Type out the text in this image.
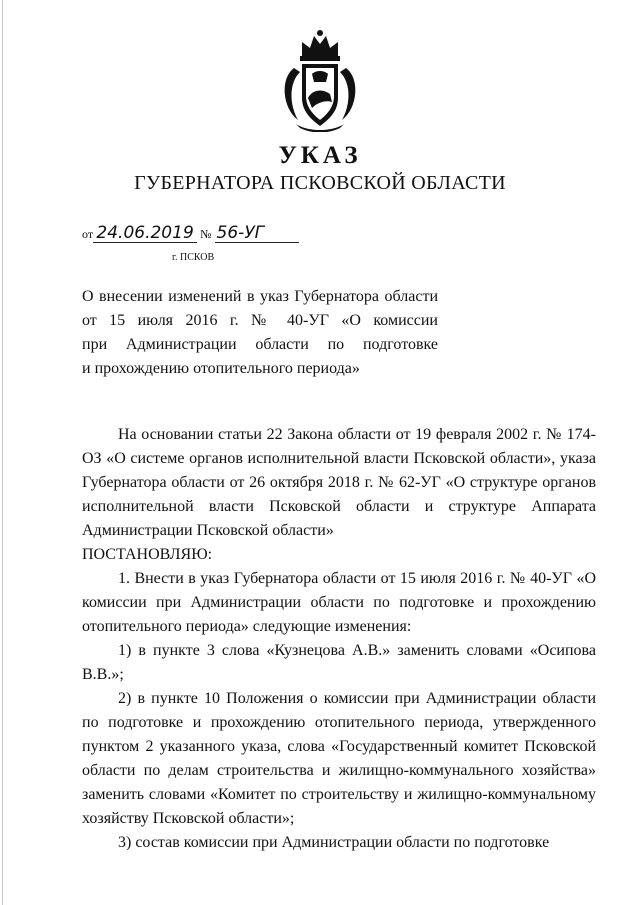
УКАЗ
ГУБЕРНАТОРА ПСКОВСКОЙ ОБЛАСТИ
от 24.06.2019 № 56-УГ
г. ПСКОВ

О внесении изменений в указ Губернатора области

от 15 июля 2016 г. № 40-УГ «О комиссии

при Администрации области по подготовке

и прохождению отопительного периода»

На основании статьи 22 Закона области от 19 февраля 2002 г. № 174-ОЗ «О системе органов исполнительной власти Псковской области», указа Губернатора области от 26 октября 2018 г. № 62-УГ «О структуре органов исполнительной власти Псковской области и структуре Аппарата Администрации Псковской области»

ПОСТАНОВЛЯЮ:

1. Внести в указ Губернатора области от 15 июля 2016 г. № 40-УГ «О комиссии при Администрации области по подготовке и прохождению отопительного периода» следующие изменения:

1) в пункте 3 слова «Кузнецова А.В.» заменить словами «Осипова В.В.»;

2) в пункте 10 Положения о комиссии при Администрации области по подготовке и прохождению отопительного периода, утвержденного пунктом 2 указанного указа, слова «Государственный комитет Псковской области по делам строительства и жилищно-коммунального хозяйства» заменить словами «Комитет по строительству и жилищно-коммунальному хозяйству Псковской области»;

3) состав комиссии при Администрации области по подготовке
